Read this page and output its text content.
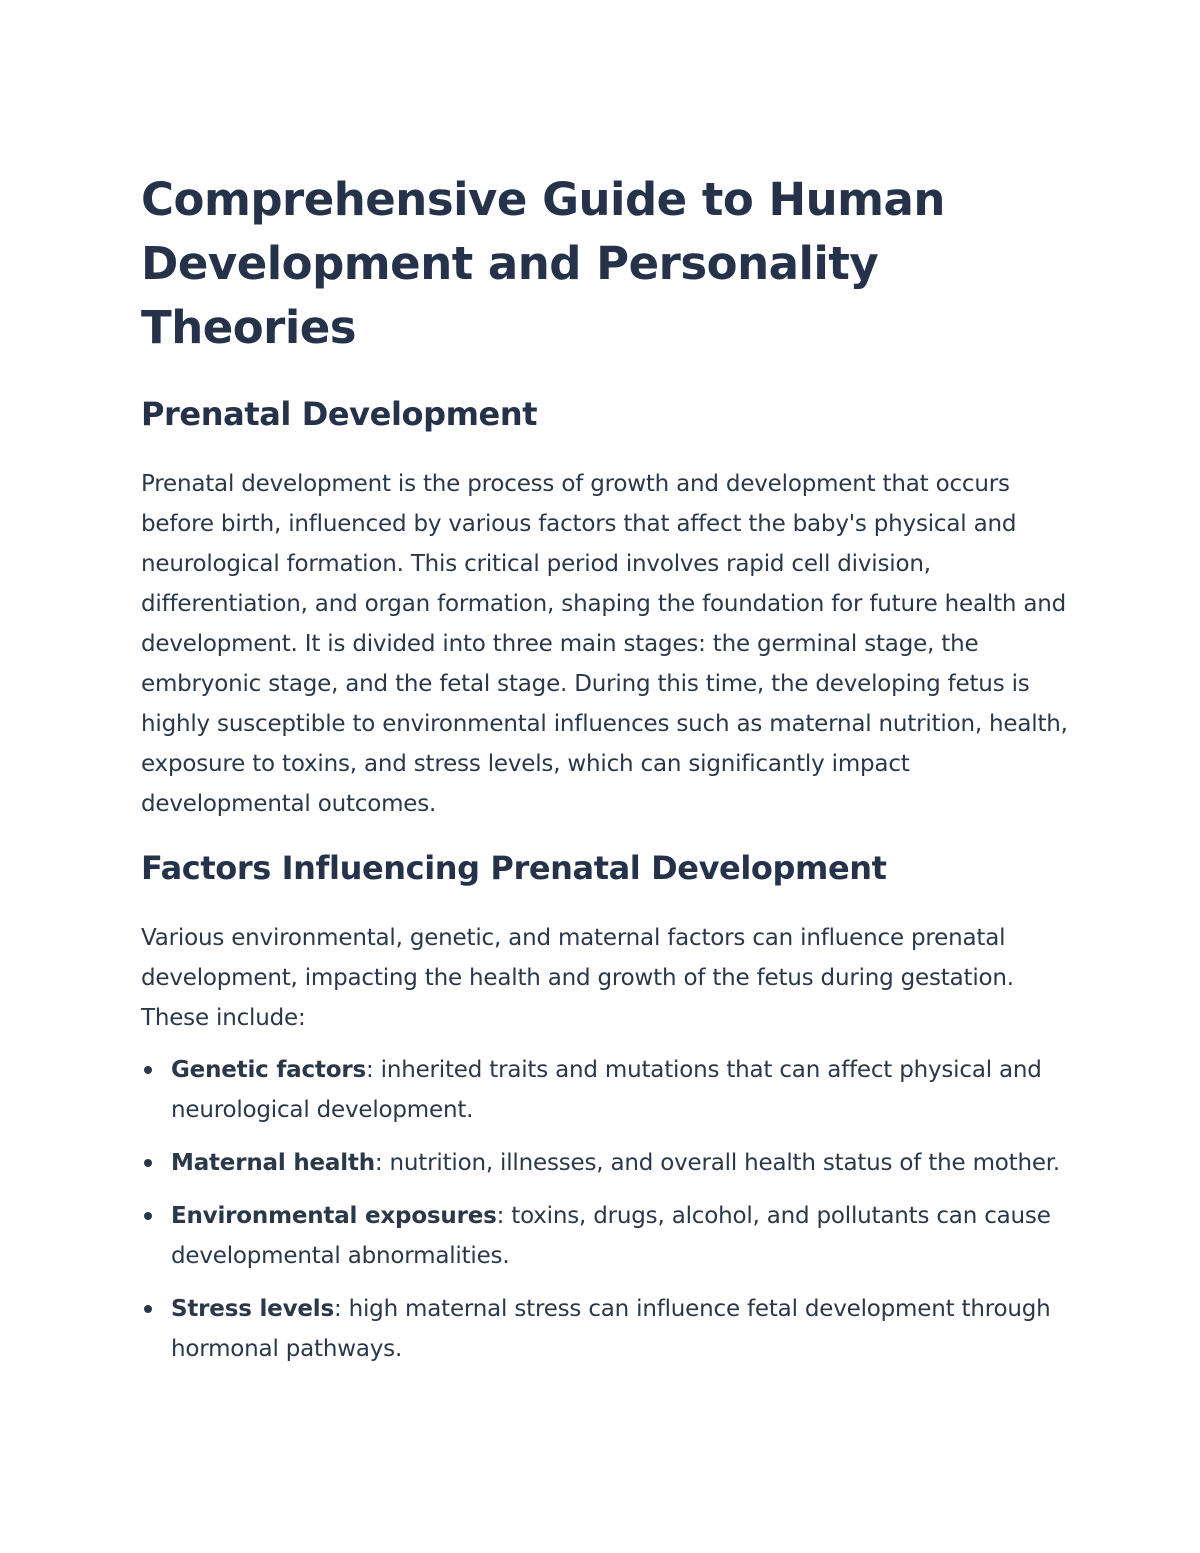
Comprehensive Guide to Human Development and Personality Theories
Prenatal Development

Prenatal development is the process of growth and development that occurs before birth, influenced by various factors that affect the baby's physical and neurological formation. This critical period involves rapid cell division, differentiation, and organ formation, shaping the foundation for future health and development. It is divided into three main stages: the germinal stage, the embryonic stage, and the fetal stage. During this time, the developing fetus is highly susceptible to environmental influences such as maternal nutrition, health, exposure to toxins, and stress levels, which can significantly impact developmental outcomes.

Factors Influencing Prenatal Development

Various environmental, genetic, and maternal factors can influence prenatal development, impacting the health and growth of the fetus during gestation. These include:

Genetic factors: inherited traits and mutations that can affect physical and neurological development.
Maternal health: nutrition, illnesses, and overall health status of the mother.
Environmental exposures: toxins, drugs, alcohol, and pollutants can cause developmental abnormalities.
Stress levels: high maternal stress can influence fetal development through hormonal pathways.
